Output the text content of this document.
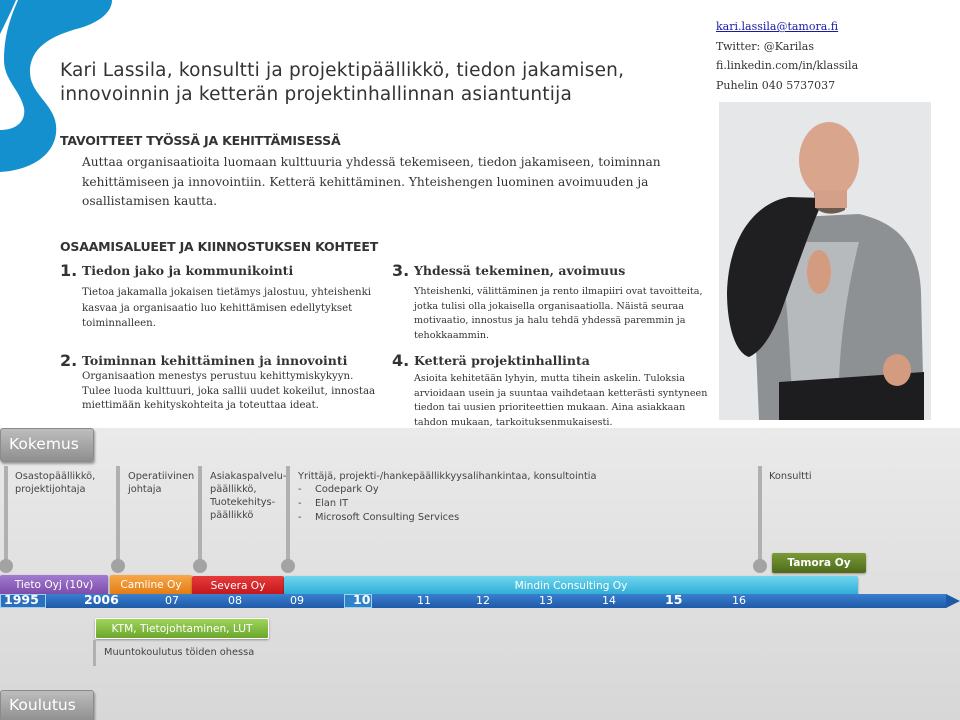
Kari Lassila, konsultti ja projektipäällikkö, tiedon jakamisen, innovoinnin ja ketterän projektinhallinnan asiantuntija
kari.lassila@tamora.fi
Twitter: @Karilas
fi.linkedin.com/in/klassila
Puhelin 040 5737037
TAVOITTEET TYÖSSÄ JA KEHITTÄMISESSÄ
Auttaa organisaatioita luomaan kulttuuria yhdessä tekemiseen, tiedon jakamiseen, toiminnan kehittämiseen ja innovointiin. Ketterä kehittäminen. Yhteishengen luominen avoimuuden ja osallistamisen kautta.
OSAAMISALUEET JA KIINNOSTUKSEN KOHTEET
1. Tiedon jako ja kommunikointi
Tietoa jakamalla jokaisen tietämys jalostuu, yhteishenki kasvaa ja organisaatio luo kehittämisen edellytykset toiminnalleen.
2. Toiminnan kehittäminen ja innovointi
Organisaation menestys perustuu kehittymiskykyyn. Tulee luoda kulttuuri, joka sallii uudet kokeilut, innostaa miettimään kehityskohteita ja toteuttaa ideat.
3. Yhdessä tekeminen, avoimuus
Yhteishenki, välittäminen ja rento ilmapiiri ovat tavoitteita, jotka tulisi olla jokaisella organisaatiolla. Näistä seuraa motivaatio, innostus ja halu tehdä yhdessä paremmin ja tehokkaammin.
4. Ketterä projektinhallinta
Asioita kehitetään lyhyin, mutta tihein askelin. Tuloksia arvioidaan usein ja suuntaa vaihdetaan ketterästi syntyneen tiedon tai uusien prioriteettien mukaan. Aina asiakkaan tahdon mukaan, tarkoituksenmukaisesti.
Kokemus
Osastopäällikkö, projektijohtaja
Operatiivinen johtaja
Asiakaspalvelu-päällikkö, Tuotekehitys-päällikkö
Yrittäjä, projekti-/hankepäällikkyysalihankintaa, konsultointia
- Codepark Oy
- Elan IT
- Microsoft Consulting Services
Konsultti
Tieto Oyj (10v)	Camline Oy	Severa Oy	Mindin Consulting Oy
Tamora Oy
1995	2006	07	08	09	10	11	12	13	14	15	16
KTM, Tietojohtaminen, LUT
Muuntokoulutus töiden ohessa
Koulutus
